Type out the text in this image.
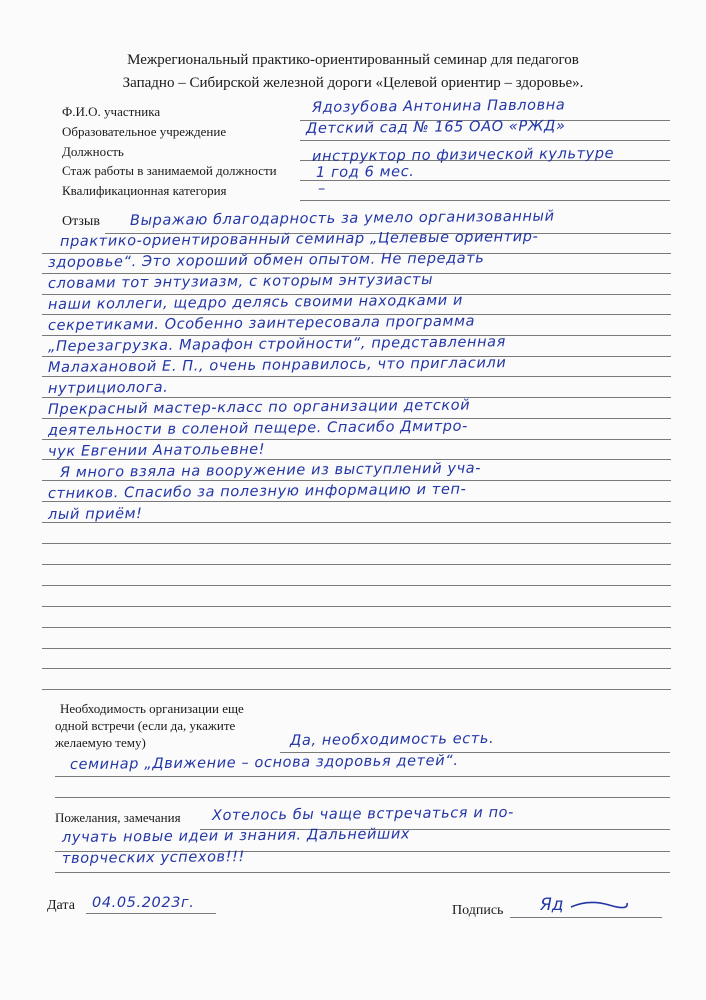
Межрегиональный практико-ориентированный семинар для педагогов
Западно – Сибирской железной дороги «Целевой ориентир – здоровье».
Ф.И.О. участника
Образовательное учреждение
Должность
Стаж работы в занимаемой должности
Квалификационная категория
Ядозубова Антонина Павловна
Детский сад № 165 ОАО «РЖД»
инструктор по физической культуре
1 год 6 мес.
–
Отзыв Выражаю благодарность за умело организованный
практико-ориентированный семинар „Целевые ориентир-
здоровье“. Это хороший обмен опытом. Не передать
словами тот энтузиазм, с которым энтузиасты
наши коллеги, щедро делясь своими находками и
секретиками. Особенно заинтересовала программа
„Перезагрузка. Марафон стройности“, представленная
Малахановой Е. П., очень понравилось, что пригласили
нутрициолога.
Прекрасный мастер-класс по организации детской
деятельности в соленой пещере. Спасибо Дмитро-
чук Евгении Анатольевне!
Я много взяла на вооружение из выступлений уча-
стников. Спасибо за полезную информацию и теп-
лый приём!
Необходимость организации еще
одной встречи (если да, укажите
желаемую тему)	Да, необходимость есть.
семинар „Движение – основа здоровья детей“.
Пожелания, замечания Хотелось бы чаще встречаться и по-
лучать новые идеи и знания. Дальнейших
творческих успехов!!!
Дата 04.05.2023г.	Подпись Яд
